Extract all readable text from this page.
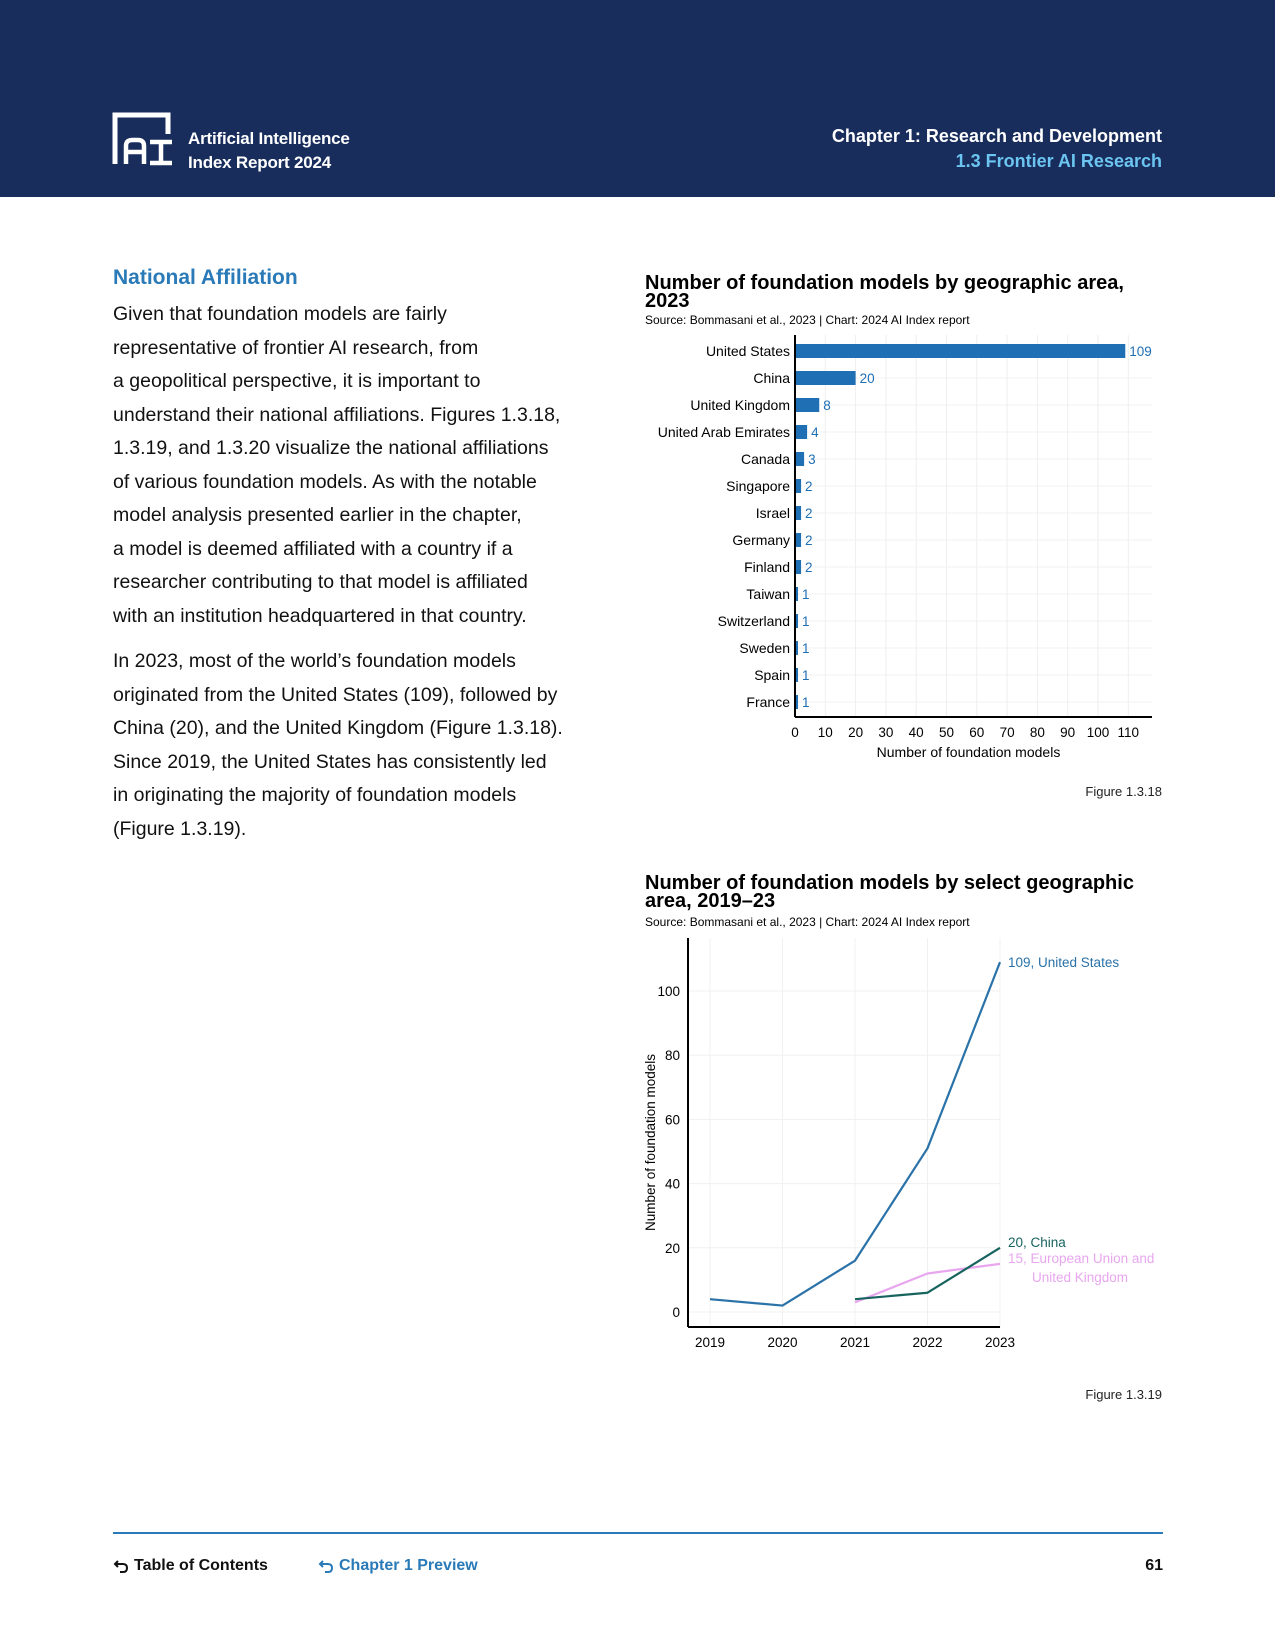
Artificial Intelligence
Index Report 2024
Chapter 1: Research and Development
1.3 Frontier AI Research
National Affiliation
Given that foundation models are fairly
representative of frontier AI research, from
a geopolitical perspective, it is important to
understand their national affiliations. Figures 1.3.18,
1.3.19, and 1.3.20 visualize the national affiliations
of various foundation models. As with the notable
model analysis presented earlier in the chapter,
a model is deemed affiliated with a country if a
researcher contributing to that model is affiliated
with an institution headquartered in that country.
In 2023, most of the world’s foundation models
originated from the United States (109), followed by
China (20), and the United Kingdom (Figure 1.3.18).
Since 2019, the United States has consistently led
in originating the majority of foundation models
(Figure 1.3.19).
Number of foundation models by geographic area,
2023
Source: Bommasani et al., 2023 | Chart: 2024 AI Index report
United States	109
China	20
United Kingdom 8
United Arab Emirates 4
Canada 3
Singapore 2
Israel 2
Germany 2
Finland 2
Taiwan 1
Switzerland 1
Sweden 1
Spain 1
France 1
0 10 20 30 40 50 60 70 80 90 100 110
Number of foundation models
Figure 1.3.18
Number of foundation models by select geographic
area, 2019–23
Source: Bommasani et al., 2023 | Chart: 2024 AI Index report
0
20
40
60
80
100
2019	2020	2021	2022	2023
Number of foundation models
109, United States
20, China
15, European Union and
United Kingdom
Figure 1.3.19
Table of Contents	Chapter 1 Preview	61
